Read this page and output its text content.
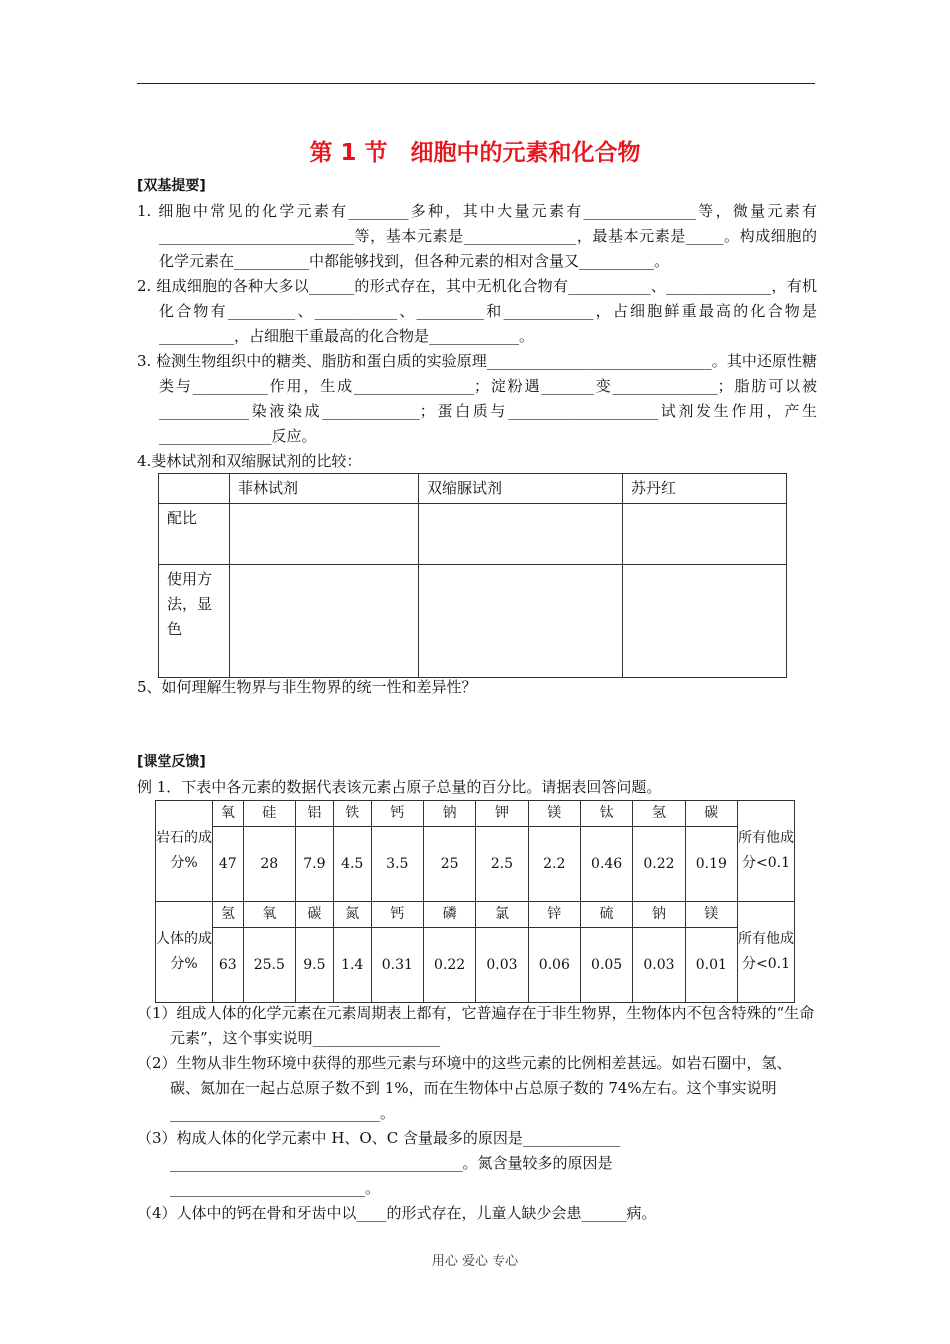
第 1 节　细胞中的元素和化合物
[双基提要]
1. 细胞中常见的化学元素有________多种，其中大量元素有_______________等，微量元素有__________________________等，基本元素是_______________，最基本元素是_____。构成细胞的化学元素在__________中都能够找到，但各种元素的相对含量又__________。
2. 组成细胞的各种大多以______的形式存在，其中无机化合物有___________、______________，有机化合物有_________、___________、_________和____________，占细胞鲜重最高的化合物是__________，占细胞干重最高的化合物是____________。
3. 检测生物组织中的糖类、脂肪和蛋白质的实验原理______________________________。其中还原性糖类与__________作用，生成________________；淀粉遇_______变______________；脂肪可以被____________染液染成_____________；蛋白质与____________________试剂发生作用，产生_______________反应。
4.斐林试剂和双缩脲试剂的比较：
	菲林试剂	双缩脲试剂	苏丹红
配比			
使用方法，显色			
5、如何理解生物界与非生物界的统一性和差异性？
[课堂反馈]
例 1．下表中各元素的数据代表该元素占原子总量的百分比。请据表回答问题。
岩石的成分%	氧	硅	铝	铁	钙	钠	钾	镁	钛	氢	碳	所有他成分<0.1
	47	28	7.9	4.5	3.5	25	2.5	2.2	0.46	0.22	0.19	
人体的成分%	氢	氧	碳	氮	钙	磷	氯	锌	硫	钠	镁	所有他成 分<0.1
	63	25.5	9.5	1.4	0.31	0.22	0.03	0.06	0.05	0.03	0.01	
（1）组成人体的化学元素在元素周期表上都有，它普遍存在于非生物界，生物体内不包含特殊的“生命元素”，这个事实说明_________________
（2）生物从非生物环境中获得的那些元素与环境中的这些元素的比例相差甚远。如岩石圈中，氢、碳、氮加在一起占总原子数不到 1%，而在生物体中占总原子数的 74%左右。这个事实说明____________________________。
（3）构成人体的化学元素中 H、O、C 含量最多的原因是_____________ _______________________________________。氮含量较多的原因是__________________________。
（4）人体中的钙在骨和牙齿中以____的形式存在，儿童人缺少会患______病。
用心 爱心 专心
